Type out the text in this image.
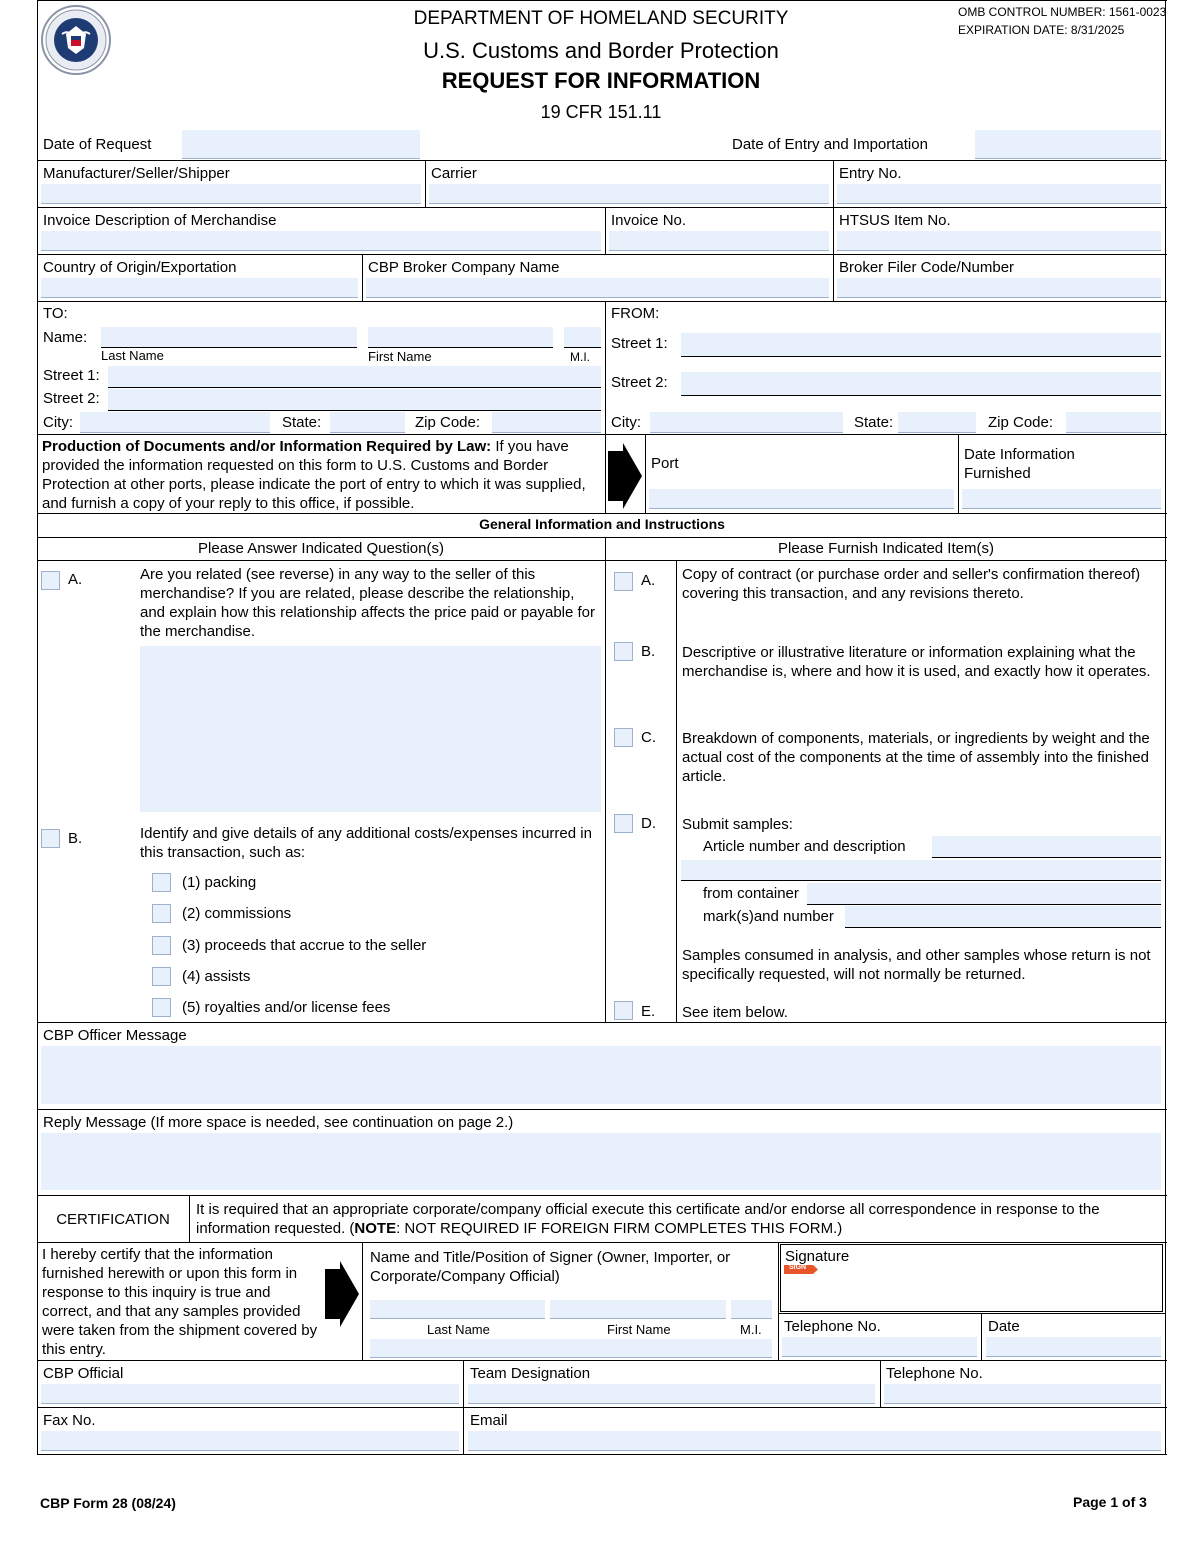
DEPARTMENT OF HOMELAND SECURITY
U.S. Customs and Border Protection
REQUEST FOR INFORMATION
19 CFR 151.11
OMB CONTROL NUMBER: 1561-0023
EXPIRATION DATE: 8/31/2025
Date of Request	Date of Entry and Importation
Manufacturer/Seller/Shipper	Carrier	Entry No.
Invoice Description of Merchandise	Invoice No.	HTSUS Item No.
Country of Origin/Exportation	CBP Broker Company Name	Broker Filer Code/Number
TO:
Name:
Last Name	First Name	M.I.
Street 1:
Street 2:
City:	State:	Zip Code:
FROM:
Street 1:
Street 2:
City:	State:	Zip Code:
Production of Documents and/or Information Required by Law: If you have provided the information requested on this form to U.S. Customs and Border Protection at other ports, please indicate the port of entry to which it was supplied, and furnish a copy of your reply to this office, if possible.
Port
Date Information Furnished
General Information and Instructions
Please Answer Indicated Question(s)	Please Furnish Indicated Item(s)
A.	Are you related (see reverse) in any way to the seller of this merchandise? If you are related, please describe the relationship, and explain how this relationship affects the price paid or payable for the merchandise.
B.	Identify and give details of any additional costs/expenses incurred in this transaction, such as:
(1) packing
(2) commissions
(3) proceeds that accrue to the seller
(4) assists
(5) royalties and/or license fees
A. Copy of contract (or purchase order and seller's confirmation thereof) covering this transaction, and any revisions thereto.
B. Descriptive or illustrative literature or information explaining what the merchandise is, where and how it is used, and exactly how it operates.
C. Breakdown of components, materials, or ingredients by weight and the actual cost of the components at the time of assembly into the finished article.
D. Submit samples:
Article number and description
from container
mark(s)and number
Samples consumed in analysis, and other samples whose return is not specifically requested, will not normally be returned.
E. See item below.
CBP Officer Message
Reply Message (If more space is needed, see continuation on page 2.)
CERTIFICATION
It is required that an appropriate corporate/company official execute this certificate and/or endorse all correspondence in response to the information requested. (NOTE: NOT REQUIRED IF FOREIGN FIRM COMPLETES THIS FORM.)
I hereby certify that the information furnished herewith or upon this form in response to this inquiry is true and correct, and that any samples provided were taken from the shipment covered by this entry.
Name and Title/Position of Signer (Owner, Importer, or Corporate/Company Official)
Last Name	First Name	M.I.
Signature
SIGN
Telephone No.	Date
CBP Official	Team Designation	Telephone No.
Fax No.	Email
CBP Form 28 (08/24)	Page 1 of 3
